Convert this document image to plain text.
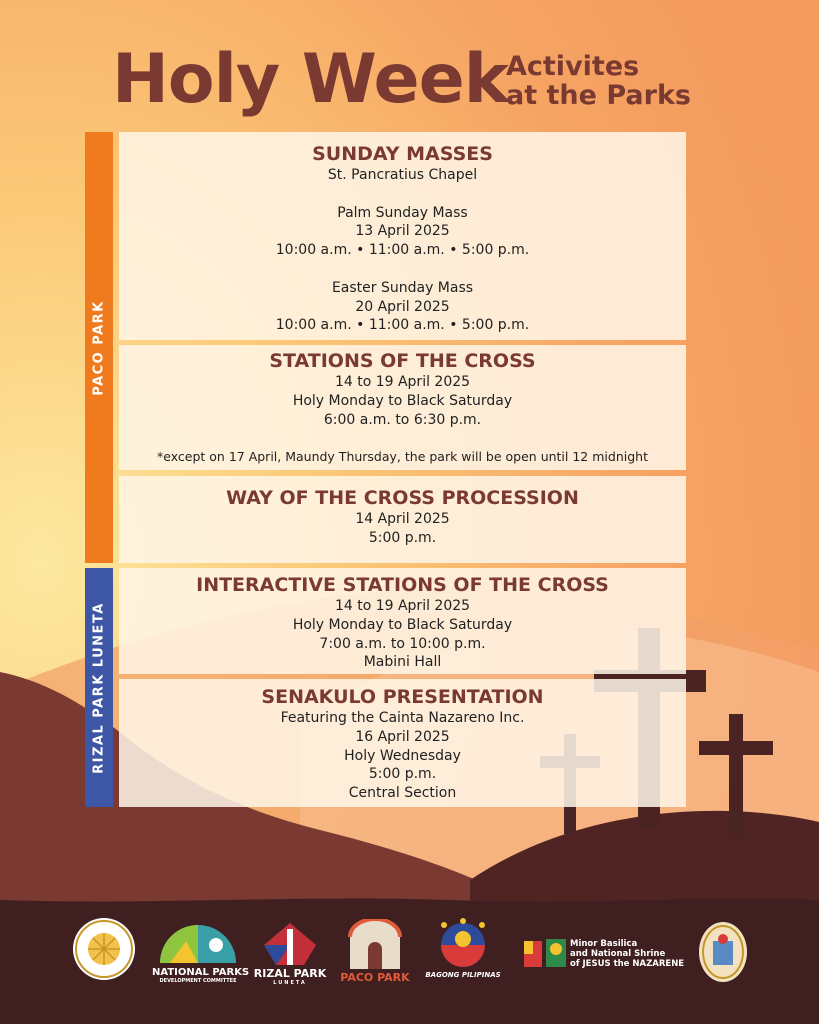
Holy Week
Activites
at the Parks
PACO PARK
RIZAL PARK LUNETA
SUNDAY MASSES

St. Pancratius Chapel

Palm Sunday Mass

13 April 2025

10:00 a.m. • 11:00 a.m. • 5:00 p.m.

Easter Sunday Mass

20 April 2025

10:00 a.m. • 11:00 a.m. • 5:00 p.m.

STATIONS OF THE CROSS

14 to 19 April 2025

Holy Monday to Black Saturday

6:00 a.m. to 6:30 p.m.

*except on 17 April, Maundy Thursday, the park will be open until 12 midnight

WAY OF THE CROSS PROCESSION

14 April 2025

5:00 p.m.

INTERACTIVE STATIONS OF THE CROSS

14 to 19 April 2025

Holy Monday to Black Saturday

7:00 a.m. to 10:00 p.m.

Mabini Hall

SENAKULO PRESENTATION

Featuring the Cainta Nazareno Inc.

16 April 2025

Holy Wednesday

5:00 p.m.

Central Section

NATIONAL PARKS
DEVELOPMENT COMMITTEE
RIZAL PARK
LUNETA	PACO PARK	BAGONG PILIPINAS
Minor Basilica
and National Shrine
of JESUS the NAZARENE
